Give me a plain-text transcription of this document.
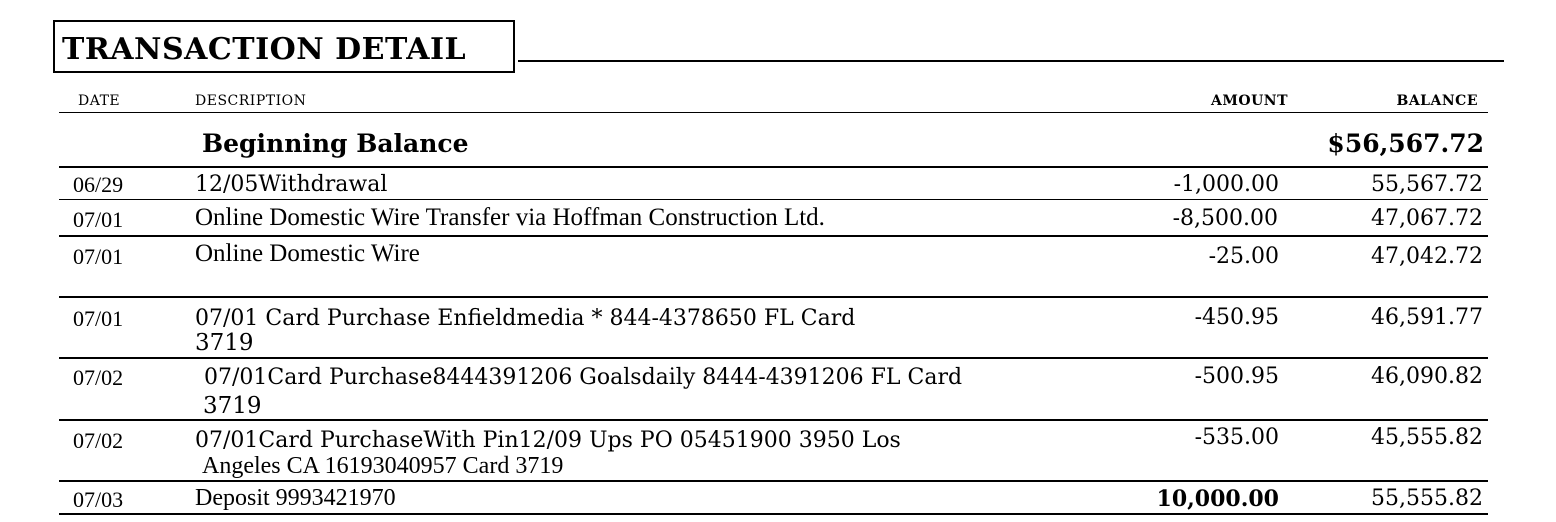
TRANSACTION DETAIL
DATE	DESCRIPTION	AMOUNT	BALANCE
Beginning Balance	$56,567.72
06/29	12/05Withdrawal	-1,000.00	55,567.72
07/01	Online Domestic Wire Transfer via Hoffman Construction Ltd.	-8,500.00	47,067.72
07/01	Online Domestic Wire	-25.00	47,042.72
07/01	07/01 Card Purchase Enfieldmedia * 844-4378650 FL Card
3719
-450.95	46,591.77
07/02	07/01Card Purchase8444391206 Goalsdaily 8444-4391206 FL Card
3719
-500.95	46,090.82
07/02	07/01Card PurchaseWith Pin12/09 Ups PO 05451900 3950 Los
Angeles CA 16193040957 Card 3719
-535.00	45,555.82
07/03	Deposit 9993421970	10,000.00	55,555.82
